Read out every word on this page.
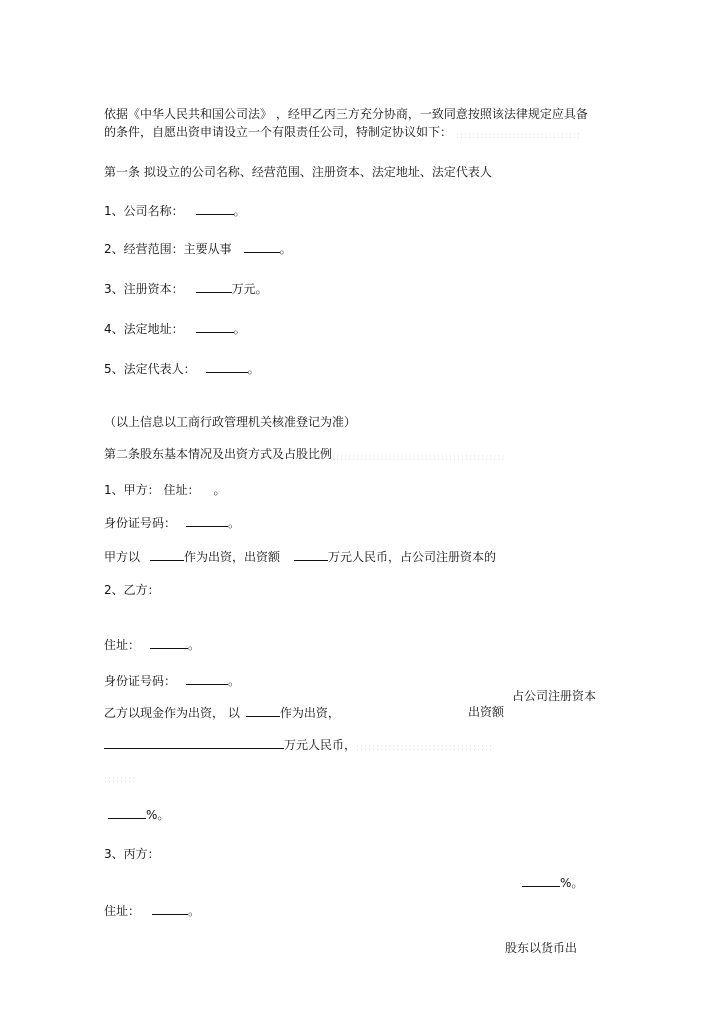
依据《中华人民共和国公司法》 ，经甲乙丙三方充分协商，一致同意按照该法律规定应具备
的条件，自愿出资申请设立一个有限责任公司，特制定协议如下： :::::::::::::::::::::::::::::::
第一条 拟设立的公司名称、经营范围、注册资本、法定地址、法定代表人
1、公司名称：	。
2、经营范围：主要从事	。
3、注册资本：	万元。
4、法定地址：	。
5、法定代表人：	。
（以上信息以工商行政管理机关核准登记为准）
第二条股东基本情况及出资方式及占股比例 :::::::::::::::::::::::::::::::::::::::::::
1、甲方： 住址： 。
身份证号码：	。
甲方以	作为出资，出资额	万元人民币，占公司注册资本的
2、乙方：
住址：	。
身份证号码：	。
占公司注册资本
乙方以现金作为出资， 以	作为出资，	出资额
万元人民币， ::::::::::::::::::::::::::::::::::
::::::::
%。
3、丙方：
%。
住址：	。
股东以货币出
